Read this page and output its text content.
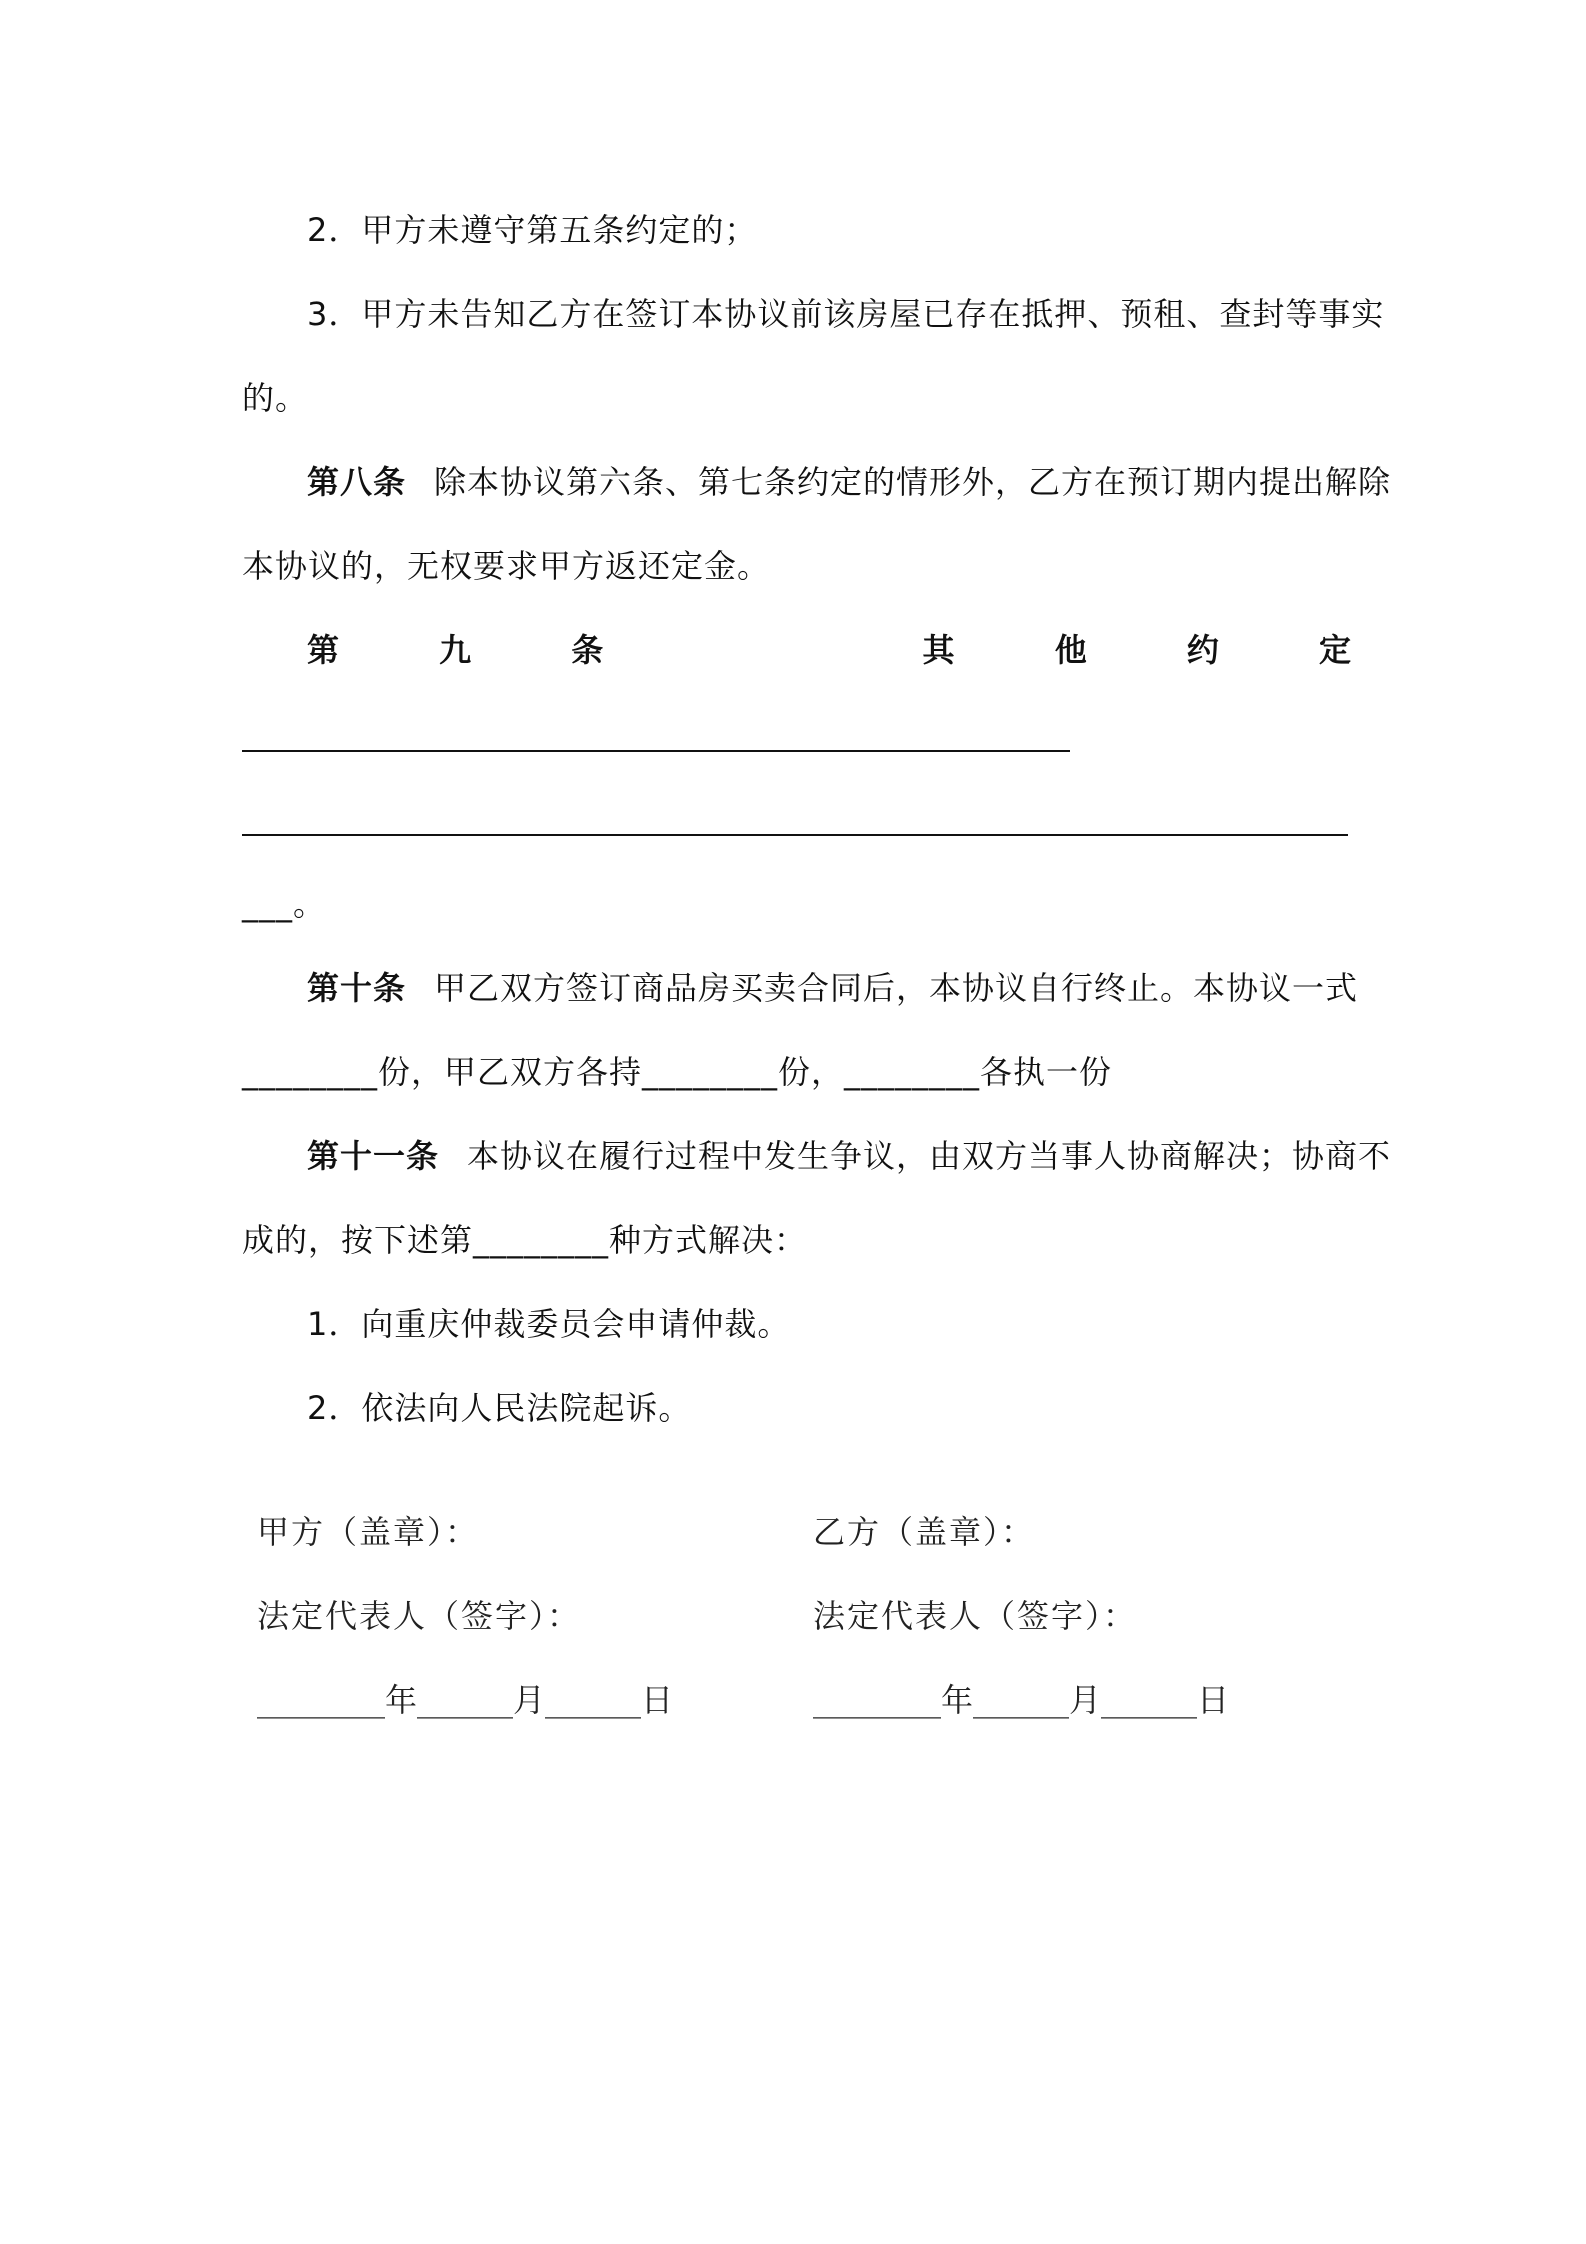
2．甲方未遵守第五条约定的；
3．甲方未告知乙方在签订本协议前该房屋已存在抵押、预租、查封等事实
的。
第八条 除本协议第六条、第七条约定的情形外，乙方在预订期内提出解除
本协议的，无权要求甲方返还定金。
第	九	条	其	他	约	定
___。
第十条 甲乙双方签订商品房买卖合同后，本协议自行终止。本协议一式
________份，甲乙双方各持________份，________各执一份
第十一条 本协议在履行过程中发生争议，由双方当事人协商解决；协商不
成的，按下述第________种方式解决：
1．向重庆仲裁委员会申请仲裁。
2．依法向人民法院起诉。
甲方（盖章）：	乙方（盖章）：
法定代表人（签字）：	法定代表人（签字）：
________年______月______日	________年______月______日
